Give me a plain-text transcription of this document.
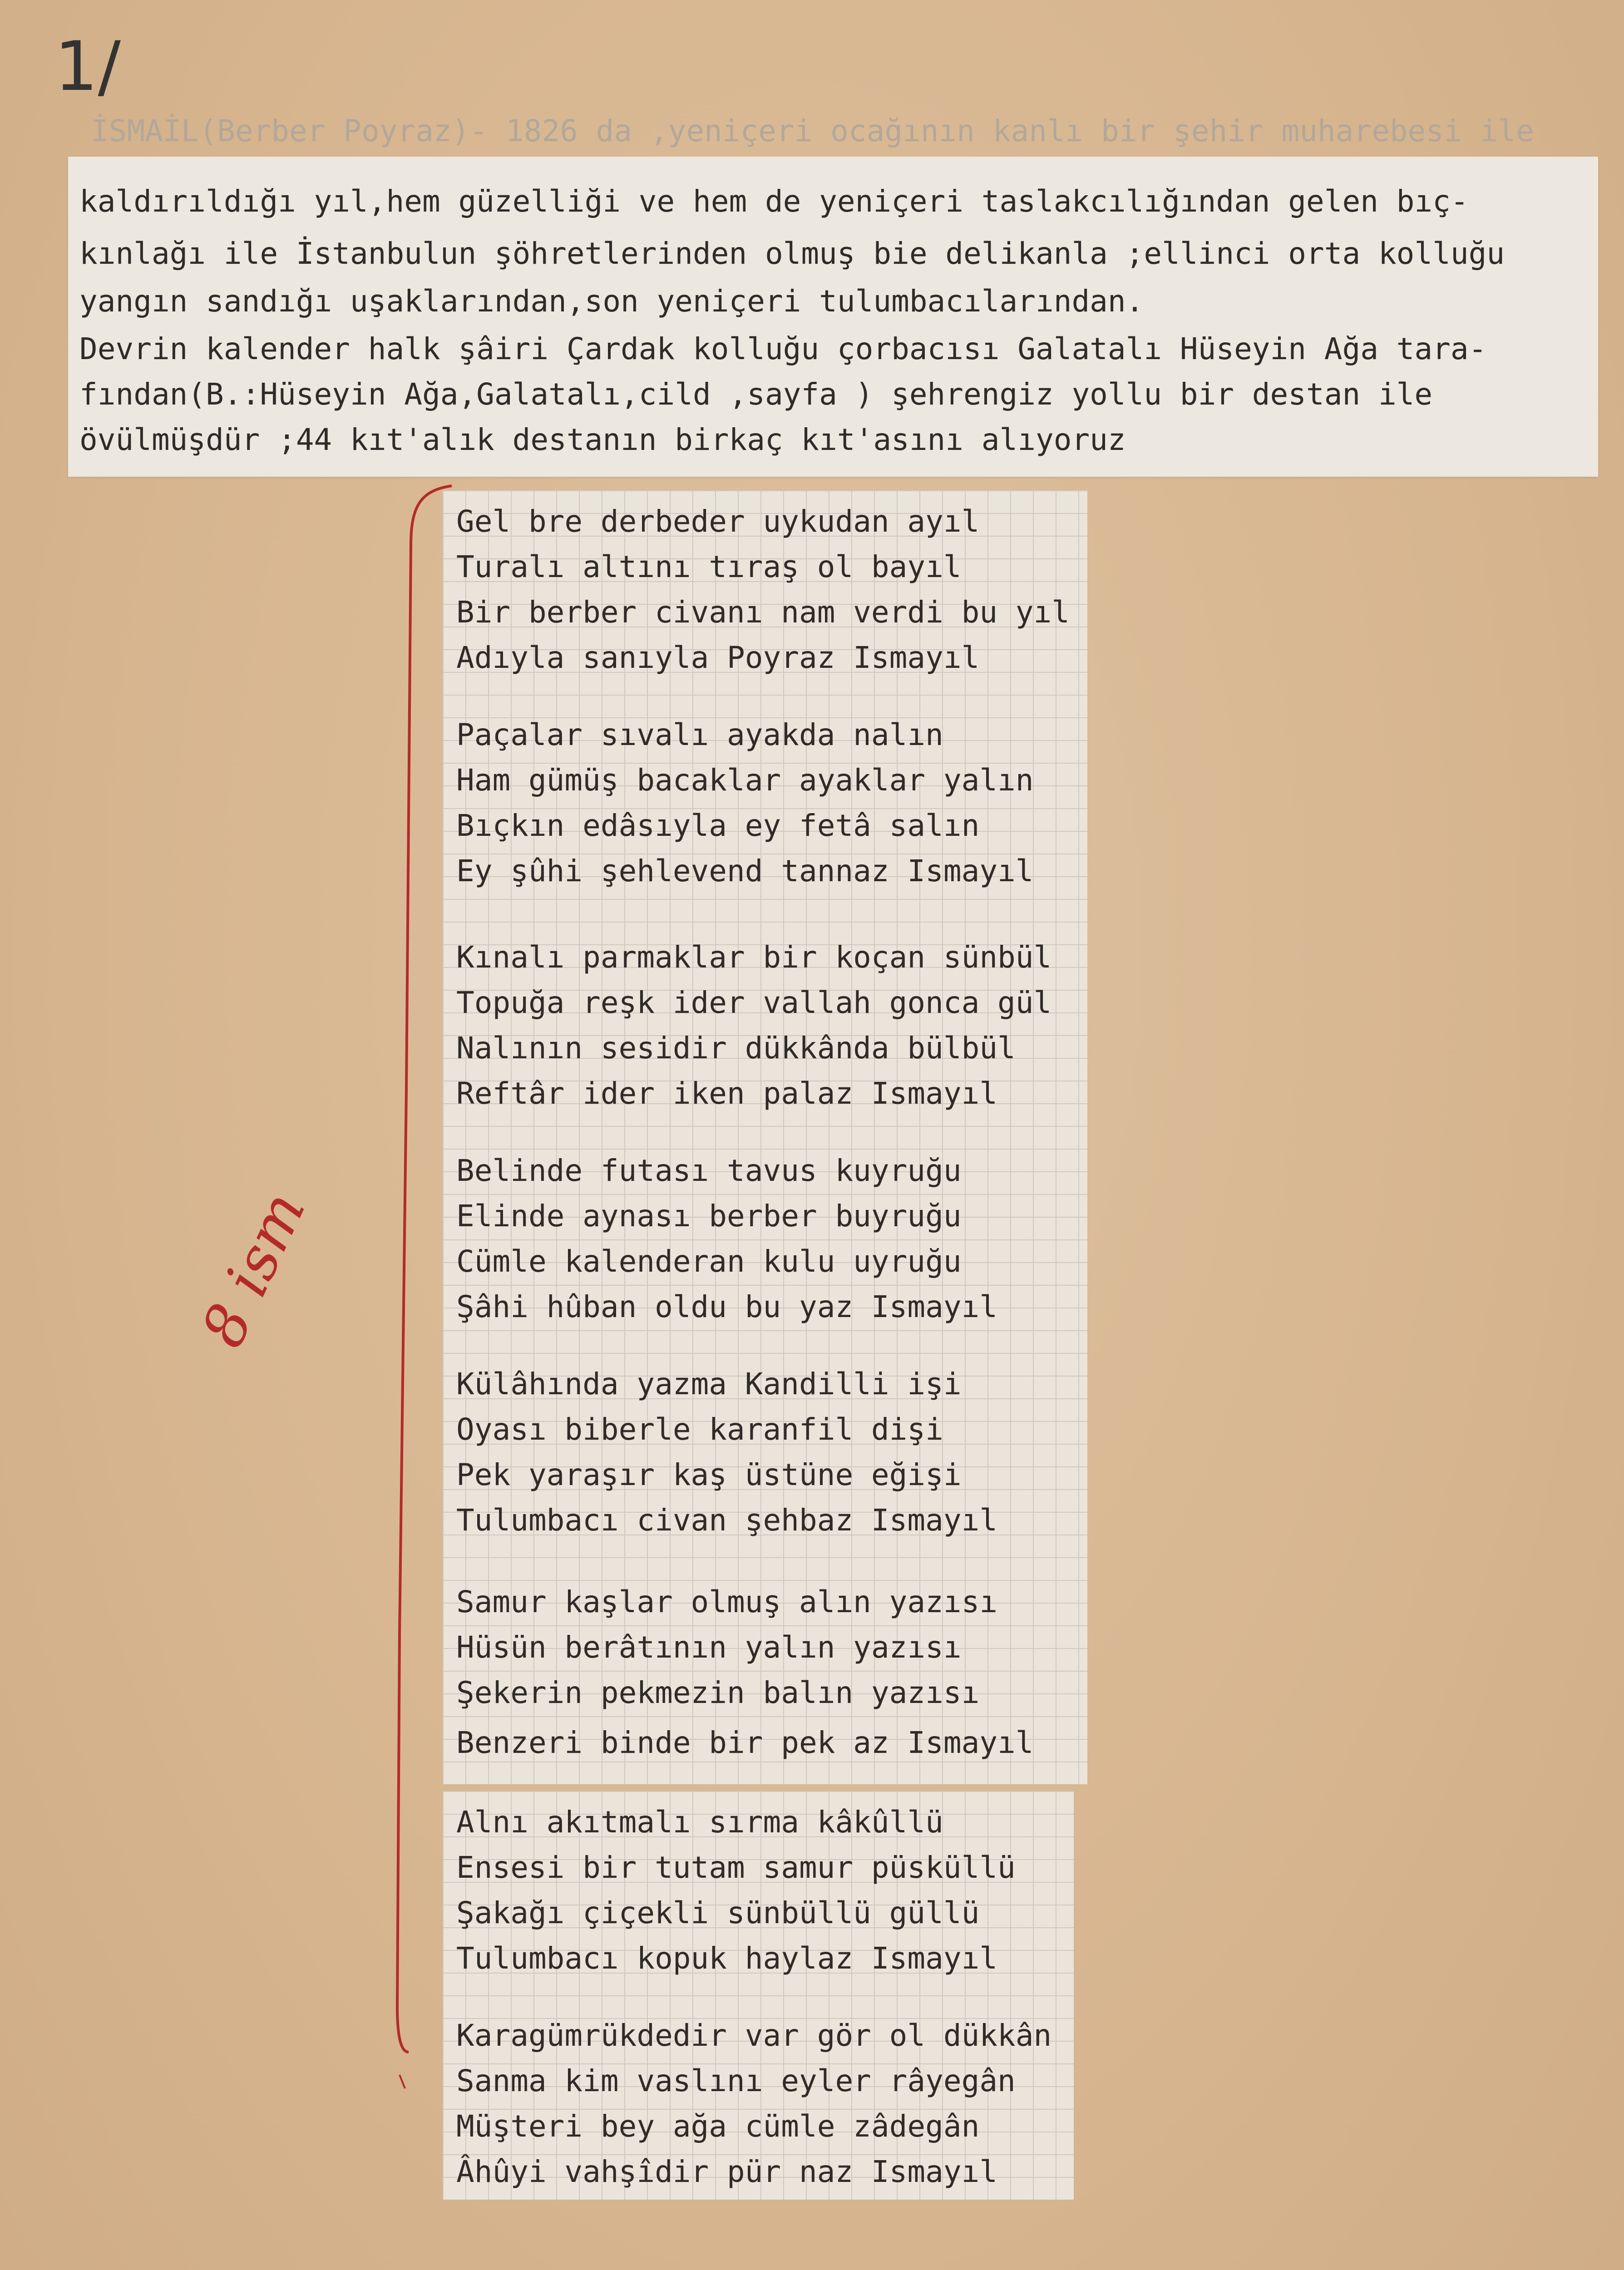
1/
İSMAİL(Berber Poyraz)- 1826 da ,yeniçeri ocağının kanlı bir şehir muharebesi ile

kaldırıldığı yıl,hem güzelliği ve hem de yeniçeri taslakcılığından gelen bıç-

kınlağı ile İstanbulun şöhretlerinden olmuş bie delikanla ;ellinci orta kolluğu

yangın sandığı uşaklarından,son yeniçeri tulumbacılarından.

Devrin kalender halk şâiri Çardak kolluğu çorbacısı Galatalı Hüseyin Ağa tara-

fından(B.:Hüseyin Ağa,Galatalı,cild ,sayfa ) şehrengiz yollu bir destan ile

övülmüşdür ;44 kıt'alık destanın birkaç kıt'asını alıyoruz

8 ism
Gel bre derbeder uykudan ayıl
Turalı altını tıraş ol bayıl
Bir berber civanı nam verdi bu yıl
Adıyla sanıyla Poyraz Ismayıl
Paçalar sıvalı ayakda nalın
Ham gümüş bacaklar ayaklar yalın
Bıçkın edâsıyla ey fetâ salın
Ey şûhi şehlevend tannaz Ismayıl
Kınalı parmaklar bir koçan sünbül
Topuğa reşk ider vallah gonca gül
Nalının sesidir dükkânda bülbül
Reftâr ider iken palaz Ismayıl
Belinde futası tavus kuyruğu
Elinde aynası berber buyruğu
Cümle kalenderan kulu uyruğu
Şâhi hûban oldu bu yaz Ismayıl
Külâhında yazma Kandilli işi
Oyası biberle karanfil dişi
Pek yaraşır kaş üstüne eğişi
Tulumbacı civan şehbaz Ismayıl
Samur kaşlar olmuş alın yazısı
Hüsün berâtının yalın yazısı
Şekerin pekmezin balın yazısı
Benzeri binde bir pek az Ismayıl
Alnı akıtmalı sırma kâkûllü
Ensesi bir tutam samur püsküllü
Şakağı çiçekli sünbüllü güllü
Tulumbacı kopuk haylaz Ismayıl
Karagümrükdedir var gör ol dükkân
Sanma kim vaslını eyler râyegân
Müşteri bey ağa cümle zâdegân
Âhûyi vahşîdir pür naz Ismayıl
